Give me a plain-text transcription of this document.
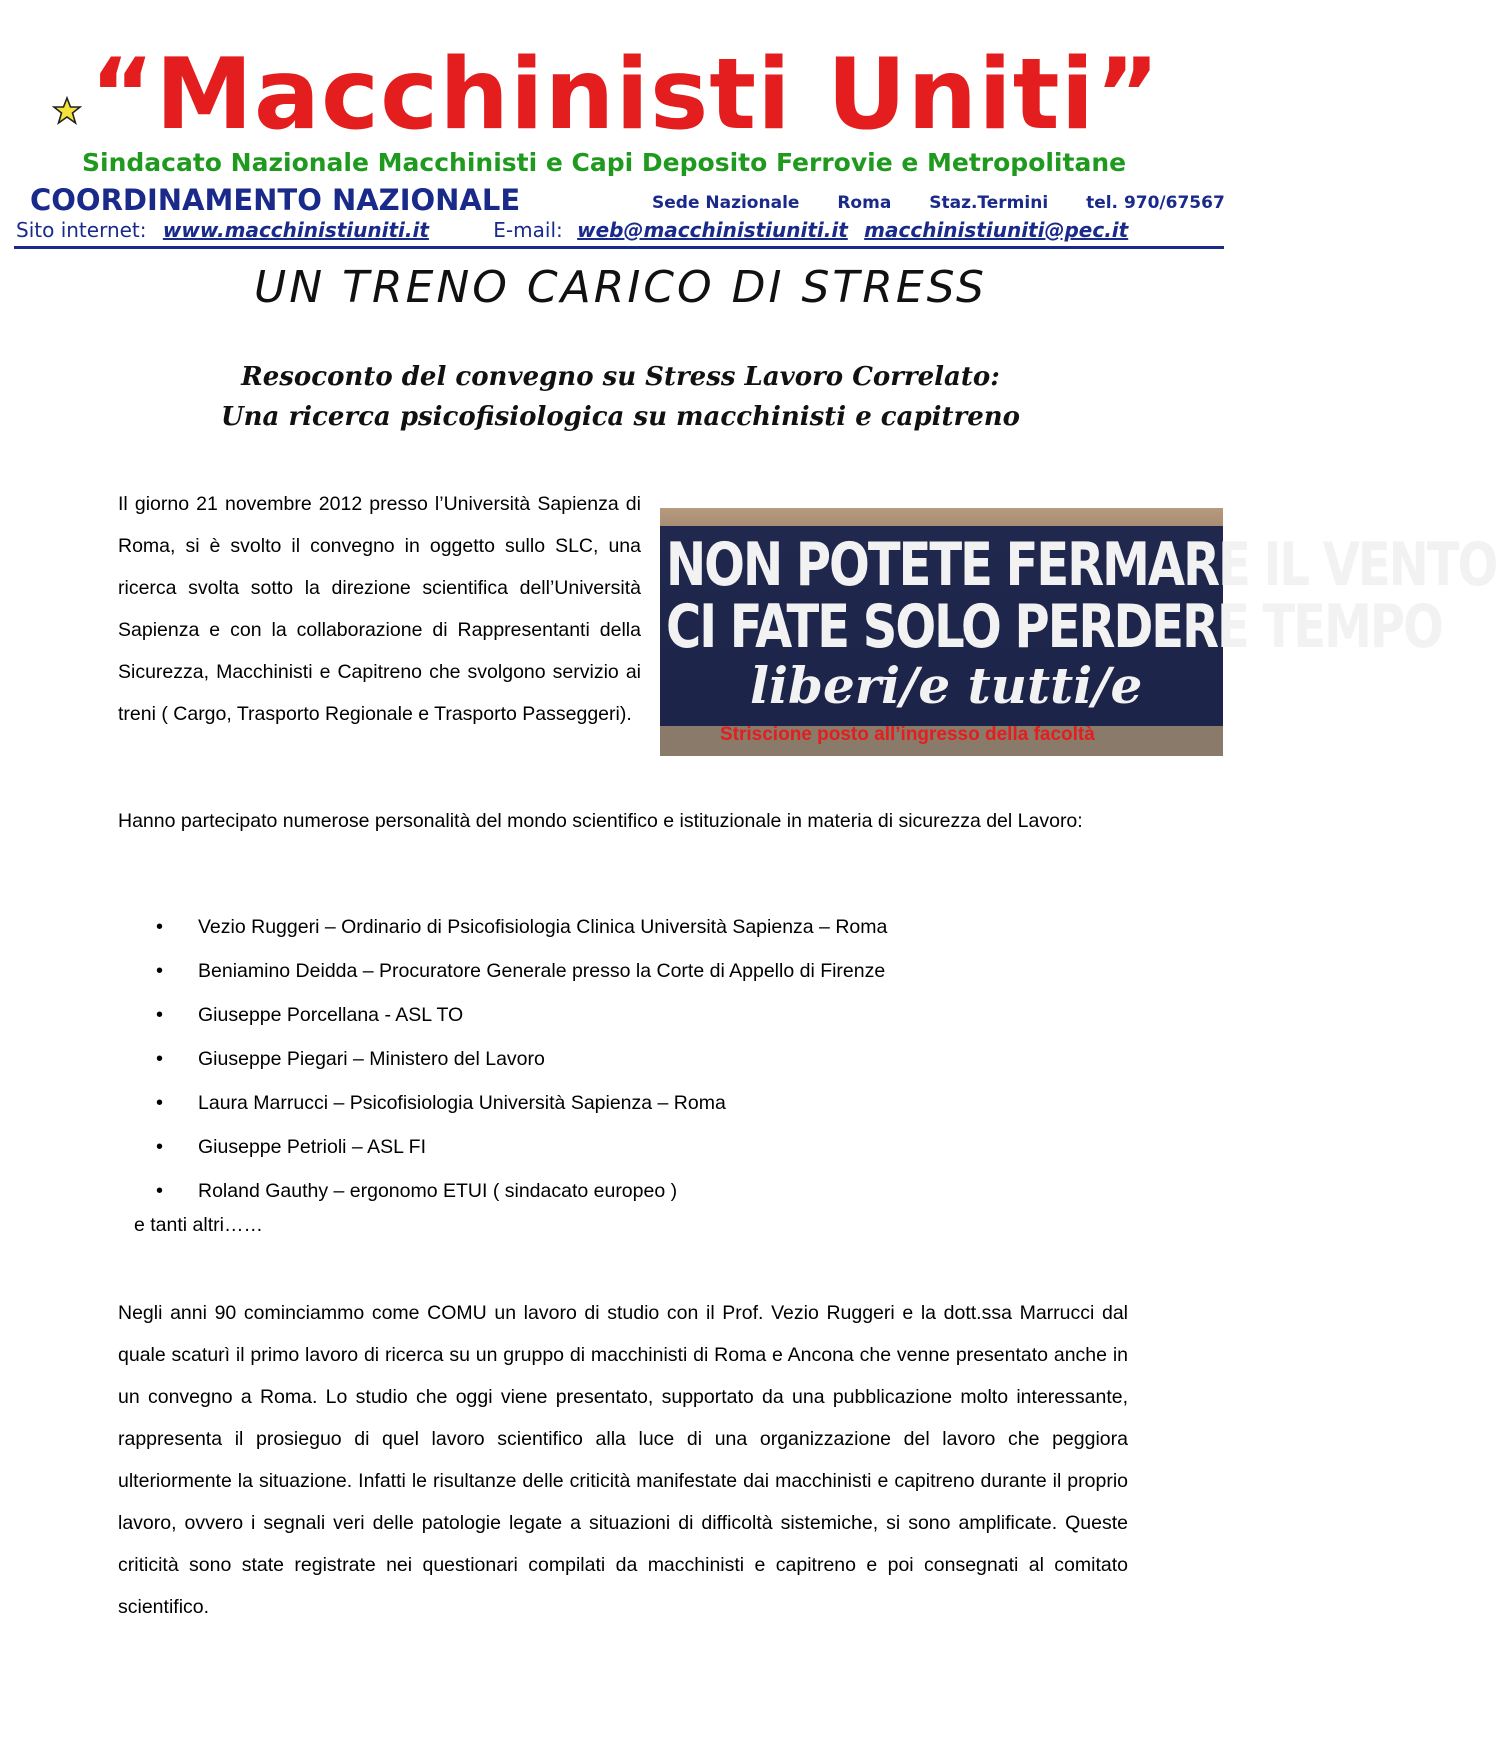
“Macchinisti Uniti”
Sindacato Nazionale Macchinisti e Capi Deposito Ferrovie e Metropolitane
COORDINAMENTO NAZIONALE	Sede Nazionale Roma Staz.Termini tel. 970/67567
Sito internet: www.macchinistiuniti.it	E-mail: web@macchinistiuniti.it macchinistiuniti@pec.it
UN TRENO CARICO DI STRESS
Resoconto del convegno su Stress Lavoro Correlato:
Una ricerca psicofisiologica su macchinisti e capitreno
Il giorno 21 novembre 2012 presso l’Università Sapienza di Roma, si è svolto il convegno in oggetto sullo SLC, una ricerca svolta sotto la direzione scientifica dell’Università Sapienza e con la collaborazione di Rappresentanti della Sicurezza, Macchinisti e Capitreno che svolgono servizio ai treni ( Cargo, Trasporto Regionale e Trasporto Passeggeri).
NON POTETE FERMARE IL VENTO
CI FATE SOLO PERDERE TEMPO
liberi/e tutti/e
Striscione posto all’ingresso della facoltà
Hanno partecipato numerose personalità del mondo scientifico e istituzionale in materia di sicurezza del Lavoro:
• Vezio Ruggeri – Ordinario di Psicofisiologia Clinica Università Sapienza – Roma
• Beniamino Deidda – Procuratore Generale presso la Corte di Appello di Firenze
• Giuseppe Porcellana - ASL TO
• Giuseppe Piegari – Ministero del Lavoro
• Laura Marrucci – Psicofisiologia Università Sapienza – Roma
• Giuseppe Petrioli – ASL FI
• Roland Gauthy – ergonomo ETUI ( sindacato europeo )
e tanti altri……
Negli anni 90 cominciammo come COMU un lavoro di studio con il Prof. Vezio Ruggeri e la dott.ssa Marrucci dal quale scaturì il primo lavoro di ricerca su un gruppo di macchinisti di Roma e Ancona che venne presentato anche in un convegno a Roma. Lo studio che oggi viene presentato, supportato da una pubblicazione molto interessante, rappresenta il prosieguo di quel lavoro scientifico alla luce di una organizzazione del lavoro che peggiora ulteriormente la situazione. Infatti le risultanze delle criticità manifestate dai macchinisti e capitreno durante il proprio lavoro, ovvero i segnali veri delle patologie legate a situazioni di difficoltà sistemiche, si sono amplificate. Queste criticità sono state registrate nei questionari compilati da macchinisti e capitreno e poi consegnati al comitato scientifico.
